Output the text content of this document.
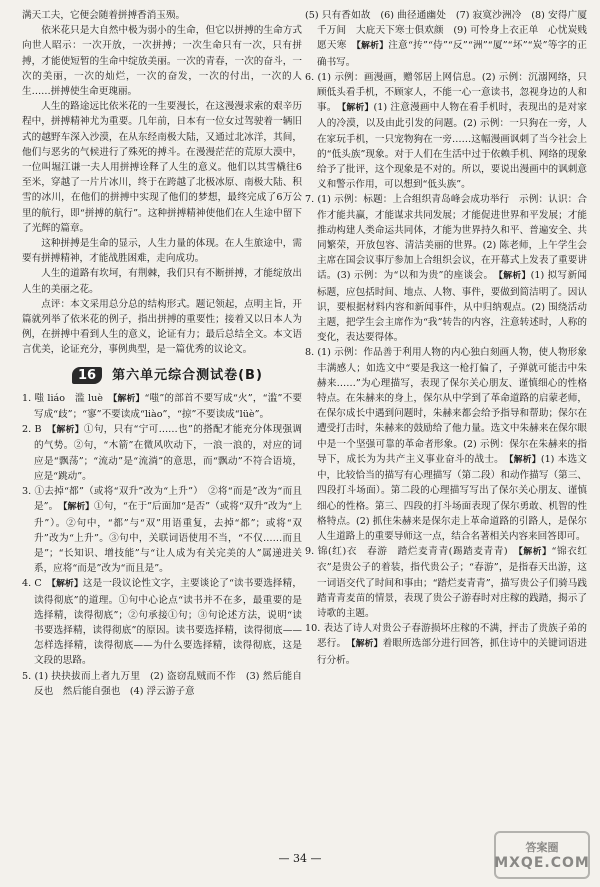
满天工夫，它便会随着拼搏香消玉殒。

依米花只是大自然中极为弱小的生命，但它以拼搏的生命方式向世人昭示：一次开放，一次拼搏；一次生命只有一次，只有拼搏，才能使短暂的生命中绽放美丽。一次的青春，一次的奋斗，一次的美丽，一次的灿烂，一次的奋发，一次的付出，一次的人生……拼搏使生命更瑰丽。

人生的路途远比依米花的一生要漫长，在这漫漫求索的艰辛历程中，拼搏精神尤为重要。几年前，日本有一位女过驾驶着一辆旧式的越野车深入沙漠，在从东经南极大陆，又通过北冰洋，其间，他们与恶劣的气候进行了殊死的搏斗。在漫漫茫茫的荒原大漠中，一位叫堀江谦一夫人用拼搏诠释了人生的意义。他们以其雪橇往6至米，穿越了一片片冰川，终于在跨越了北极冰原、南极大陆、积雪的冰川，在他们的拼搏中实现了他们的梦想，最终完成了6万公里的航行，即“拼搏的航行”。这种拼搏精神使他们在人生途中留下了光辉的篇章。

这种拼搏是生命的显示，人生力量的体现。在人生旅途中，需要有拼搏精神，才能战胜困难，走向成功。

人生的道路有坎坷，有荆棘，我们只有不断拼搏，才能绽放出人生的美丽之花。

点评：本文采用总分总的结构形式。题记领起，点明主旨，开篇就列举了依米花的例子，指出拼搏的重要性；接着又以日本人为例，在拼搏中看到人生的意义，论证有力；最后总结全文。本文语言优美，论证充分，事例典型，是一篇优秀的议论文。

16	第六单元综合测试卷(B)

1. 嗤 liáo　滥 luè　【解析】“嗤”的部首不要写成“火”，“滥”不要写成“歧”；“寥”不要读成“liào”，“掠”不要读成“lüè”。

2. B　【解析】①句，只有“宁可……也”的搭配才能充分体现强调的气势。②句，“木箭”在微风吹动下，一浪一浪的，对应的词应是“飘荡”；“流动”是“流淌”的意思，而“飘动”不符合语境，应是“跳动”。

3. ①去掉“都”（或将“双升”改为“上升”）　②将“而是”改为“而且是”。　【解析】①句，“在于”后面加“是否”（或将“双升”改为“上升”）。②句中，“都”与“双”用语重复，去掉“都”；或将“双升”改为“上升”。③句中，关联词语使用不当，“不仅……而且是”；“长知识、增技能”与“让人成为有关完美的人”属递进关系，应将“而是”改为“而且是”。

4. C　【解析】这是一段议论性文字，主要谈论了“读书要选择精，读得彻底”的道理。①句中心论点“读书并不在多，最重要的是选择精，读得彻底”；②句承接①句；③句论述方法，说明“读书要选择精，读得彻底”的原因。读书要选择精，读得彻底——怎样选择精，读得彻底——为什么要选择精，读得彻底，这是文段的思路。

5. (1) 抉抉拔而上者九万里　(2) 盗窃乱贼而不作　(3) 然后能自反也　然后能自强也　(4) 浮云游子意

(5) 只有香如故　(6) 曲径通幽处　(7) 寂寞沙洲冷　(8) 安得广厦千万间　大庇天下寒士俱欢颜　(9) 可怜身上衣正单　心忧炭贱愿天寒　【解析】注意“抟”“侍”“反”“洲”“厦”“坏”“炭”等字的正确书写。

6. (1) 示例：画漫画，赠邻居上网信息。(2) 示例：沉溺网络，只顾低头看手机，不顾家人，不能一心一意读书，忽视身边的人和事。　【解析】(1) 注意漫画中人物在看手机时，表现出的是对家人的冷漠，以及由此引发的问题。(2) 示例：一只狗在一旁，人在家玩手机，一只宠物狗在一旁……这幅漫画讽刺了当今社会上的“低头族”现象。对于人们在生活中过于依赖手机、网络的现象给予了批评，这个现象是不对的。所以，要说出漫画中的讽刺意义和警示作用，可以想到“低头族”。

7. (1) 示例：标题：上合组织青岛峰会成功举行　示例：认识：合作才能共赢，才能谋求共同发展；才能促进世界和平发展；才能推动构建人类命运共同体，才能为世界持久和平、普遍安全、共同繁荣，开放包容、清洁美丽的世界。(2) 陈老师，上午学生会主席在国会议事厅参加上合组织会议，在开幕式上发表了重要讲话。(3) 示例：为“以和为贵”的座谈会。　【解析】(1) 拟写新闻标题，应包括时间、地点、人物、事件，要做到简洁明了。因认识，要根据材料内容和新闻事件，从中归纳观点。(2) 围绕活动主题，把学生会主席作为“我”转告的内容，注意转述时，人称的变化，表达要得体。

8. (1) 示例：作品善于利用人物的内心独白刻画人物，使人物形象丰满感人；如选文中“要是我这一枪打偏了，子弹就可能击中朱赫来……”为心理描写，表现了保尔关心朋友、谨慎细心的性格特点。在朱赫来的身上，保尔从中学到了革命道路的启蒙老师，在保尔成长中遇到问题时，朱赫来都会给予指导和帮助；保尔在遭受打击时，朱赫来的鼓励给了他力量。选文中朱赫来在保尔眼中是一个坚强可靠的革命者形象。(2) 示例：保尔在朱赫来的指导下，成长为为共产主义事业奋斗的战士。　【解析】(1) 本选文中，比较恰当的描写有心理描写（第二段）和动作描写（第三、四段打斗场面）。第二段的心理描写写出了保尔关心朋友、谨慎细心的性格。第三、四段的打斗场面表现了保尔勇敢、机智的性格特点。(2) 抓住朱赫来是保尔走上革命道路的引路人，是保尔人生道路上的重要导师这一点，结合名著相关内容来回答即可。

9. 锦(红)衣　春游　踏烂麦青青(踢踏麦青青)　【解析】“锦衣红衣”是贵公子的着装，指代贵公子；“春游”，是指春天出游，这一词语交代了时间和事由；“踏烂麦青青”，描写贵公子们骑马践踏青青麦苗的情景，表现了贵公子游春时对庄稼的践踏，揭示了诗歌的主题。

10. 表达了诗人对贵公子春游损坏庄稼的不满，抨击了贵族子弟的恶行。　【解析】着眼所选部分进行回答，抓住诗中的关键词语进行分析。

— 34 —
答案圈
MXQE.COM
